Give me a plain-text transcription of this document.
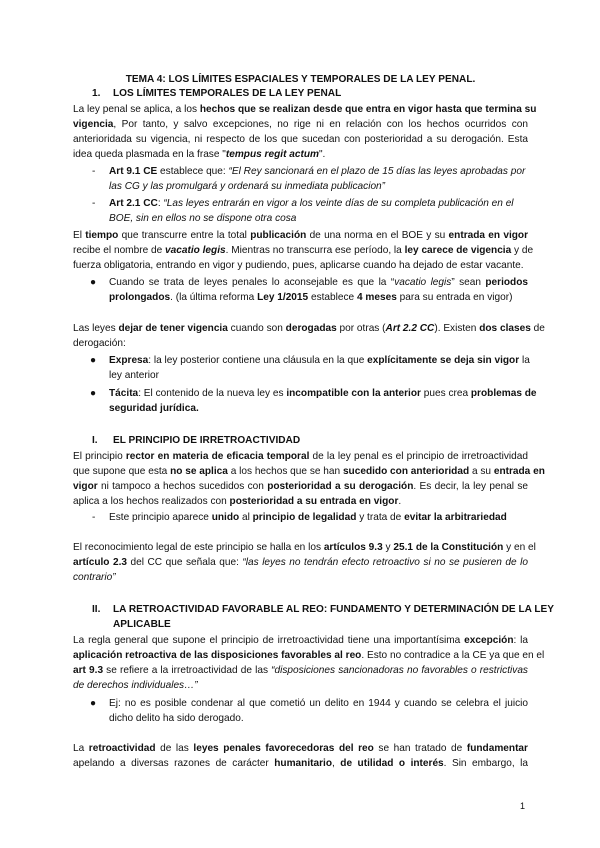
TEMA 4: LOS LÍMITES ESPACIALES Y TEMPORALES DE LA LEY PENAL.
1. LOS LÍMITES TEMPORALES DE LA LEY PENAL
La ley penal se aplica, a los hechos que se realizan desde que entra en vigor hasta que termina su
vigencia, Por tanto, y salvo excepciones, no rige ni en relación con los hechos ocurridos con
anterioridada su vigencia, ni respecto de los que sucedan con posterioridad a su derogación. Esta
idea queda plasmada en la frase "tempus regit actum".
- Art 9.1 CE establece que: “El Rey sancionará en el plazo de 15 días las leyes aprobadas por
las CG y las promulgará y ordenará su inmediata publicacion”
- Art 2.1 CC: “Las leyes entrarán en vigor a los veinte días de su completa publicación en el
BOE, sin en ellos no se dispone otra cosa
El tiempo que transcurre entre la total publicación de una norma en el BOE y su entrada en vigor
recibe el nombre de vacatio legis. Mientras no transcurra ese período, la ley carece de vigencia y de
fuerza obligatoria, entrando en vigor y pudiendo, pues, aplicarse cuando ha dejado de estar vacante.
● Cuando se trata de leyes penales lo aconsejable es que la “vacatio legis” sean periodos
prolongados. (la última reforma Ley 1/2015 establece 4 meses para su entrada en vigor)
Las leyes dejar de tener vigencia cuando son derogadas por otras (Art 2.2 CC). Existen dos clases de
derogación:
● Expresa: la ley posterior contiene una cláusula en la que explícitamente se deja sin vigor la
ley anterior
● Tácita: El contenido de la nueva ley es incompatible con la anterior pues crea problemas de
seguridad jurídica.
I. EL PRINCIPIO DE IRRETROACTIVIDAD
El principio rector en materia de eficacia temporal de la ley penal es el principio de irretroactividad
que supone que esta no se aplica a los hechos que se han sucedido con anterioridad a su entrada en
vigor ni tampoco a hechos sucedidos con posterioridad a su derogación. Es decir, la ley penal se
aplica a los hechos realizados con posterioridad a su entrada en vigor.
- Este principio aparece unido al principio de legalidad y trata de evitar la arbitrariedad
El reconocimiento legal de este principio se halla en los artículos 9.3 y 25.1 de la Constitución y en el
artículo 2.3 del CC que señala que: “las leyes no tendrán efecto retroactivo si no se pusieren de lo
contrario”
II. LA RETROACTIVIDAD FAVORABLE AL REO: FUNDAMENTO Y DETERMINACIÓN DE LA LEY
APLICABLE
La regla general que supone el principio de irretroactividad tiene una importantísima excepción: la
aplicación retroactiva de las disposiciones favorables al reo. Esto no contradice a la CE ya que en el
art 9.3 se refiere a la irretroactividad de las “disposiciones sancionadoras no favorables o restrictivas
de derechos individuales…”
● Ej: no es posible condenar al que cometió un delito en 1944 y cuando se celebra el juicio
dicho delito ha sido derogado.
La retroactividad de las leyes penales favorecedoras del reo se han tratado de fundamentar
apelando a diversas razones de carácter humanitario, de utilidad o interés. Sin embargo, la
1
